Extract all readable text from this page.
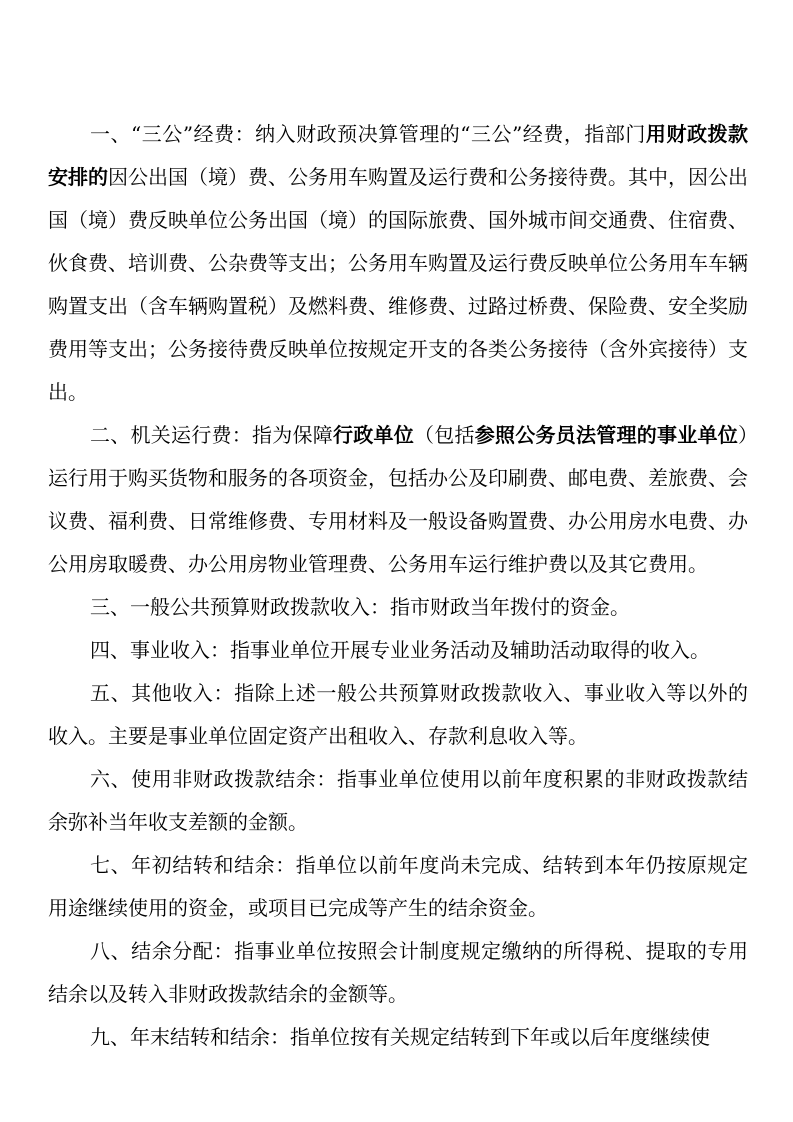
一、“三公”经费：纳入财政预决算管理的“三公”经费，指部门用财政拨款安排的因公出国（境）费、公务用车购置及运行费和公务接待费。其中，因公出国（境）费反映单位公务出国（境）的国际旅费、国外城市间交通费、住宿费、伙食费、培训费、公杂费等支出；公务用车购置及运行费反映单位公务用车车辆购置支出（含车辆购置税）及燃料费、维修费、过路过桥费、保险费、安全奖励费用等支出；公务接待费反映单位按规定开支的各类公务接待（含外宾接待）支出。

二、机关运行费：指为保障行政单位（包括参照公务员法管理的事业单位）运行用于购买货物和服务的各项资金，包括办公及印刷费、邮电费、差旅费、会议费、福利费、日常维修费、专用材料及一般设备购置费、办公用房水电费、办公用房取暖费、办公用房物业管理费、公务用车运行维护费以及其它费用。

三、一般公共预算财政拨款收入：指市财政当年拨付的资金。

四、事业收入：指事业单位开展专业业务活动及辅助活动取得的收入。

五、其他收入：指除上述一般公共预算财政拨款收入、事业收入等以外的收入。主要是事业单位固定资产出租收入、存款利息收入等。

六、使用非财政拨款结余：指事业单位使用以前年度积累的非财政拨款结余弥补当年收支差额的金额。

七、年初结转和结余：指单位以前年度尚未完成、结转到本年仍按原规定用途继续使用的资金，或项目已完成等产生的结余资金。

八、结余分配：指事业单位按照会计制度规定缴纳的所得税、提取的专用结余以及转入非财政拨款结余的金额等。

九、年末结转和结余：指单位按有关规定结转到下年或以后年度继续使
